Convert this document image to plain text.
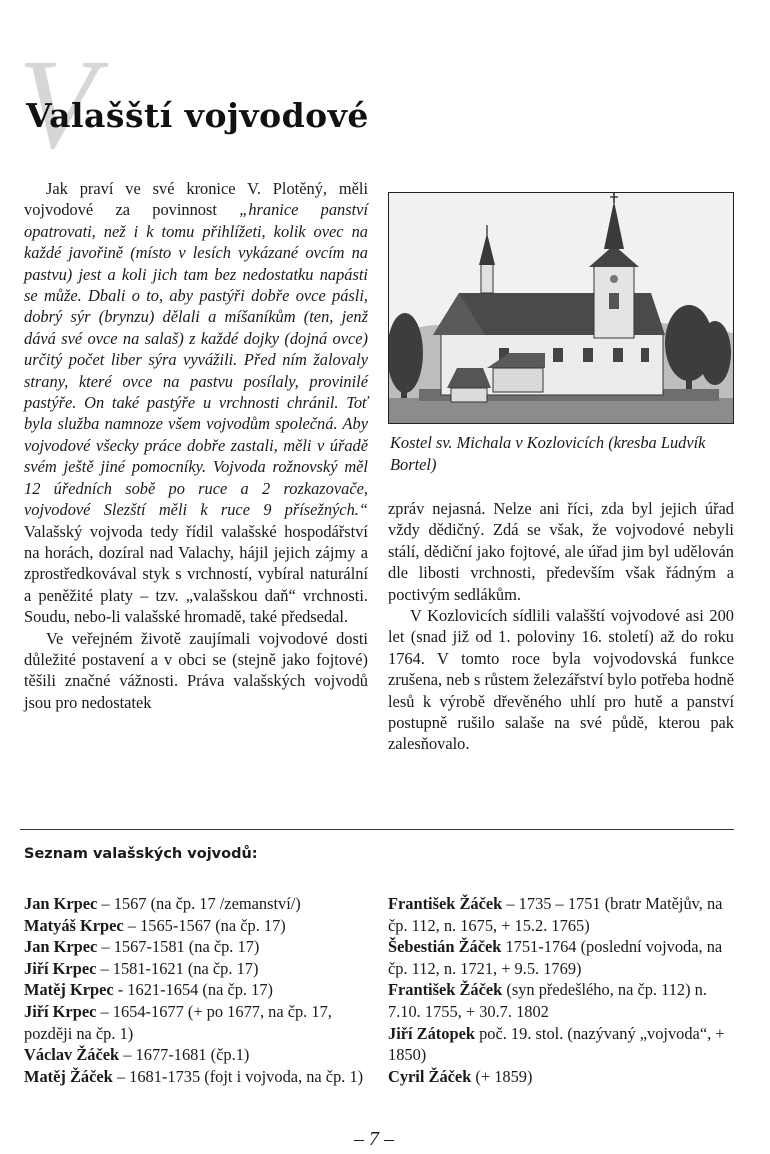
V
Valašští vojvodové

Jak praví ve své kronice V. Plotěný, měli vojvodové za povinnost „hranice panství opatrovati, než i k tomu přihlížeti, kolik ovec na každé javořině (místo v lesích vykázané ovcím na pastvu) jest a koli jich tam bez nedostatku napásti se může. Dbali o to, aby pastýři dobře ovce pásli, dobrý sýr (brynzu) dělali a míšaníkům (ten, jenž dává své ovce na salaš) z každé dojky (dojná ovce) určitý počet liber sýra vyvážili. Před ním žalovaly strany, které ovce na pastvu posílaly, provinilé pastýře. On také pastýře u vrchnosti chránil. Toť byla služba namnoze všem vojvodům společná. Aby vojvodové všecky práce dobře zastali, měli v úřadě svém ještě jiné pomocníky. Vojvoda rožnovský měl 12 úředních sobě po ruce a 2 rozkazovače, vojvodové Slezští měli k ruce 9 přísežných.“ Valašský vojvoda tedy řídil valašské hospodářství na horách, dozíral nad Valachy, hájil jejich zájmy a zprostředkovával styk s vrchností, vybíral naturální a peněžité platy – tzv. „valašskou daň“ vrchnosti. Soudu, nebo-li valašské hromadě, také předsedal.

Ve veřejném životě zaujímali vojvodové dosti důležité postavení a v obci se (stejně jako fojtové) těšili značné vážnosti. Práva valašských vojvodů jsou pro nedostatek

Kostel sv. Michala v Kozlovicích (kresba Ludvík Bortel)

zpráv nejasná. Nelze ani říci, zda byl jejich úřad vždy dědičný. Zdá se však, že vojvodové nebyli stálí, dědiční jako fojtové, ale úřad jim byl udělován dle libosti vrchnosti, především však řádným a poctivým sedlákům.

V Kozlovicích sídlili valašští vojvodové asi 200 let (snad již od 1. poloviny 16. století) až do roku 1764. V tomto roce byla vojvodovská funkce zrušena, neb s růstem železářství bylo potřeba hodně lesů k výrobě dřevěného uhlí pro hutě a panství postupně rušilo salaše na své půdě, kterou pak zalesňovalo.

Seznam valašských vojvodů:

Jan Krpec – 1567 (na čp. 17 /zemanství/)

Matyáš Krpec – 1565-1567 (na čp. 17)

Jan Krpec – 1567-1581 (na čp. 17)

Jiří Krpec – 1581-1621 (na čp. 17)

Matěj Krpec - 1621-1654 (na čp. 17)

Jiří Krpec – 1654-1677 (+ po 1677, na čp. 17, později na čp. 1)

Václav Žáček – 1677-1681 (čp.1)

Matěj Žáček – 1681-1735 (fojt i vojvoda, na čp. 1)

František Žáček – 1735 – 1751 (bratr Matějův, na čp. 112, n. 1675, + 15.2. 1765)

Šebestián Žáček 1751-1764 (poslední vojvoda, na čp. 112, n. 1721, + 9.5. 1769)

František Žáček (syn předešlého, na čp. 112) n. 7.10. 1755, + 30.7. 1802

Jiří Zátopek poč. 19. stol. (nazývaný „vojvoda“, + 1850)

Cyril Žáček (+ 1859)

– 7 –
